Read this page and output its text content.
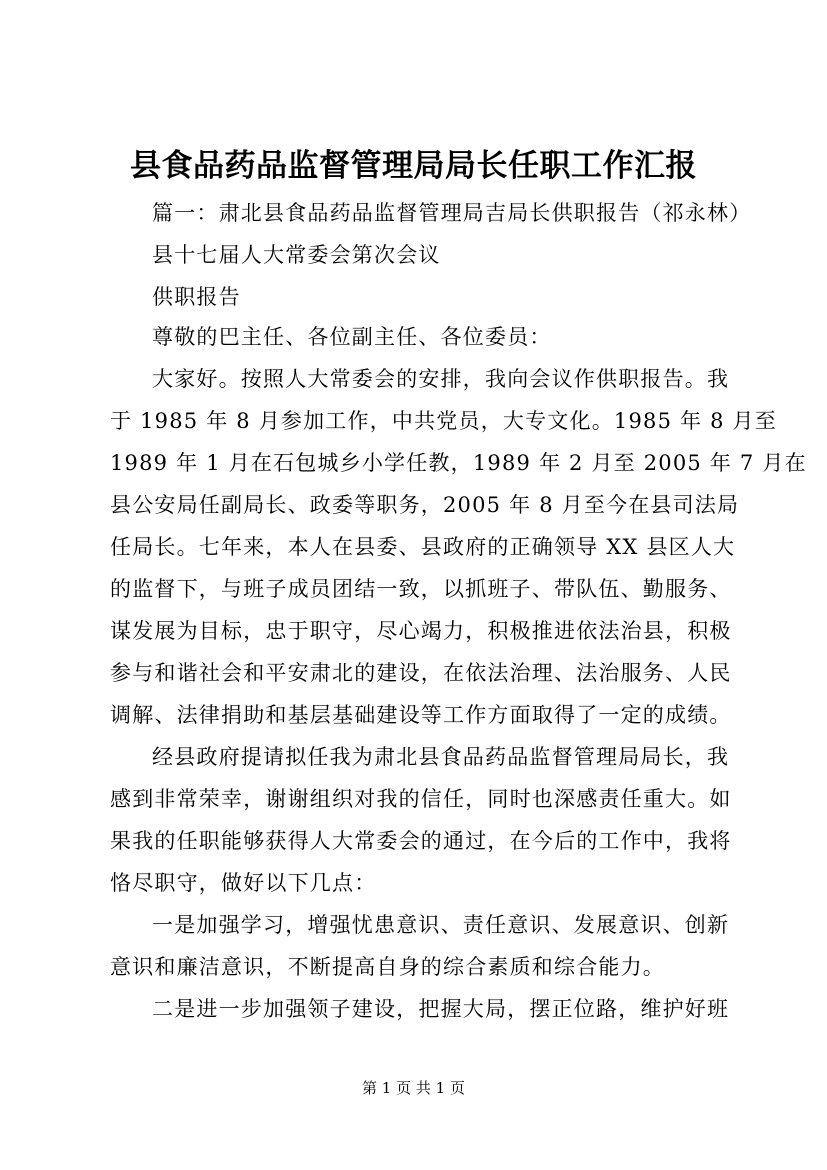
县食品药品监督管理局局长任职工作汇报
篇一：肃北县食品药品监督管理局吉局长供职报告（祁永林）
县十七届人大常委会第次会议
供职报告
尊敬的巴主任、各位副主任、各位委员：
大家好。按照人大常委会的安排，我向会议作供职报告。我
于 1985 年 8 月参加工作，中共党员，大专文化。1985 年 8 月至
1989 年 1 月在石包城乡小学任教，1989 年 2 月至 2005 年 7 月在
县公安局任副局长、政委等职务，2005 年 8 月至今在县司法局
任局长。七年来，本人在县委、县政府的正确领导 XX 县区人大
的监督下，与班子成员团结一致，以抓班子、带队伍、勤服务、
谋发展为目标，忠于职守，尽心竭力，积极推进依法治县，积极
参与和谐社会和平安肃北的建设，在依法治理、法治服务、人民
调解、法律捐助和基层基础建设等工作方面取得了一定的成绩。
经县政府提请拟任我为肃北县食品药品监督管理局局长，我
感到非常荣幸，谢谢组织对我的信任，同时也深感责任重大。如
果我的任职能够获得人大常委会的通过，在今后的工作中，我将
恪尽职守，做好以下几点：
一是加强学习，增强忧患意识、责任意识、发展意识、创新
意识和廉洁意识，不断提高自身的综合素质和综合能力。
二是进一步加强领子建设，把握大局，摆正位路，维护好班
第 1 页 共 1 页
